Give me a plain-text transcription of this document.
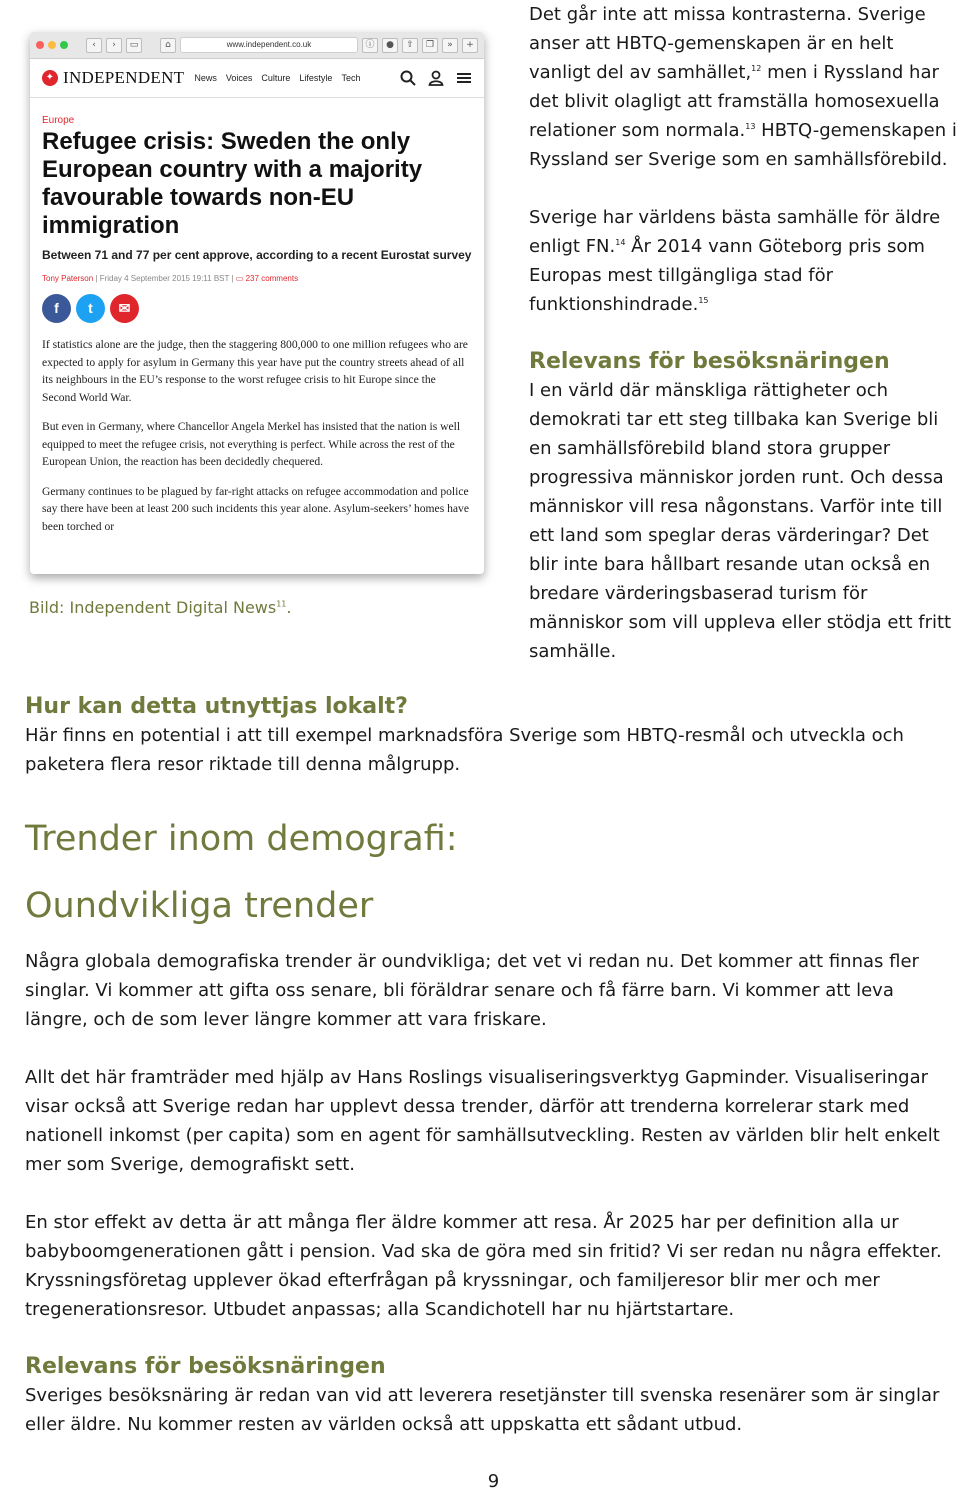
‹	›	▭	⌂	www.independent.co.uk	ⓘ	●	⇧	❐	»	+
✦ INDEPENDENT News Voices Culture Lifestyle Tech
Europe
Refugee crisis: Sweden the only European country with a majority favourable towards non-EU immigration
Between 71 and 77 per cent approve, according to a recent Eurostat survey
Tony Paterson | Friday 4 September 2015 19:11 BST | ▭ 237 comments
f	t	✉

If statistics alone are the judge, then the staggering 800,000 to one million refugees who are expected to apply for asylum in Germany this year have put the country streets ahead of all its neighbours in the EU’s response to the worst refugee crisis to hit Europe since the Second World War.

But even in Germany, where Chancellor Angela Merkel has insisted that the nation is well equipped to meet the refugee crisis, not everything is perfect. While across the rest of the European Union, the reaction has been decidedly chequered.

Germany continues to be plagued by far-right attacks on refugee accommodation and police say there have been at least 200 such incidents this year alone. Asylum-seekers’ homes have been torched or

Bild: Independent Digital News$^{11}$.

Det går inte att missa kontrasterna. Sverige anser att HBTQ-gemenskapen är en helt vanligt del av samhället,$^{12}$ men i Ryssland har det blivit olagligt att framställa homosexuella relationer som normala.$^{13}$ HBTQ-gemenskapen i Ryssland ser Sverige som en samhällsförebild.

Sverige har världens bästa samhälle för äldre enligt FN.$^{14}$ År 2014 vann Göteborg pris som Europas mest tillgängliga stad för funktionshindrade.$^{15}$

Relevans för besöksnäringen

I en värld där mänskliga rättigheter och demokrati tar ett steg tillbaka kan Sverige bli en samhällsförebild bland stora grupper progressiva människor jorden runt. Och dessa människor vill resa någonstans. Varför inte till ett land som speglar deras värderingar? Det blir inte bara hållbart resande utan också en bredare värderingsbaserad turism för människor som vill uppleva eller stödja ett fritt samhälle.

Hur kan detta utnyttjas lokalt?

Här finns en potential i att till exempel marknadsföra Sverige som HBTQ-resmål och utveckla och paketera flera resor riktade till denna målgrupp.

Trender inom demografi:
Oundvikliga trender

Några globala demografiska trender är oundvikliga; det vet vi redan nu. Det kommer att finnas fler singlar. Vi kommer att gifta oss senare, bli föräldrar senare och få färre barn. Vi kommer att leva längre, och de som lever längre kommer att vara friskare.

Allt det här framträder med hjälp av Hans Roslings visualiseringsverktyg Gapminder. Visualiseringar visar också att Sverige redan har upplevt dessa trender, därför att trenderna korrelerar stark med nationell inkomst (per capita) som en agent för samhällsutveckling. Resten av världen blir helt enkelt mer som Sverige, demografiskt sett.

En stor effekt av detta är att många fler äldre kommer att resa. År 2025 har per definition alla ur babyboomgenerationen gått i pension. Vad ska de göra med sin fritid? Vi ser redan nu några effekter. Kryssningsföretag upplever ökad efterfrågan på kryssningar, och familjeresor blir mer och mer tregenerationsresor. Utbudet anpassas; alla Scandichotell har nu hjärtstartare.

Relevans för besöksnäringen

Sveriges besöksnäring är redan van vid att leverera resetjänster till svenska resenärer som är singlar eller äldre. Nu kommer resten av världen också att uppskatta ett sådant utbud.

9
